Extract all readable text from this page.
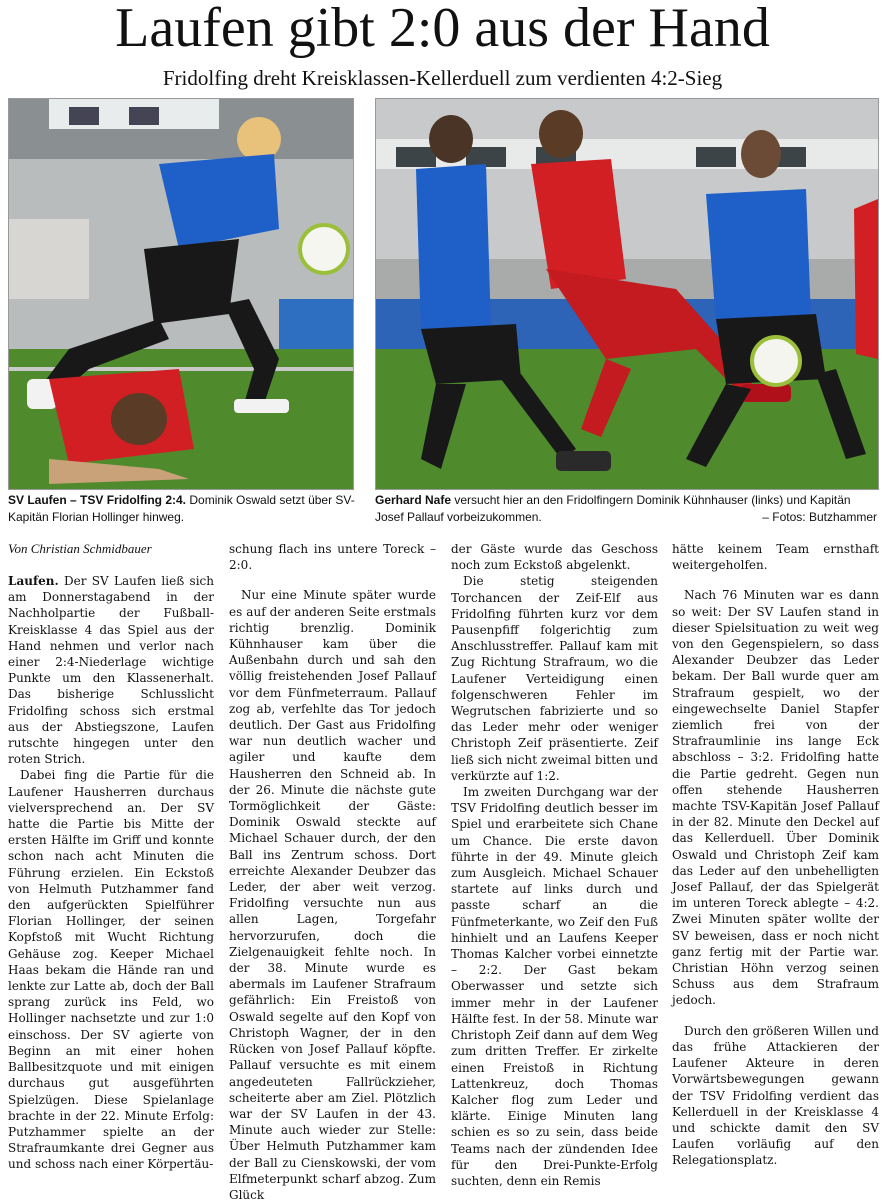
Laufen gibt 2:0 aus der Hand
Fridolfing dreht Kreisklassen-Kellerduell zum verdienten 4:2-Sieg
SV Laufen – TSV Fridolfing 2:4. Dominik Oswald setzt über SV-Kapitän Florian Hollinger hinweg.
Gerhard Nafe versucht hier an den Fridolfingern Dominik Kühnhauser (links) und Kapitän Josef Pallauf vorbeizukommen.	– Fotos: Butzhammer
Von Christian Schmidbauer

Laufen. Der SV Laufen ließ sich am Donnerstagabend in der Nachholpartie der Fußball-Kreisklasse 4 das Spiel aus der Hand nehmen und verlor nach einer 2:4-Niederlage wichtige Punkte um den Klassenerhalt. Das bisherige Schlusslicht Fridolfing schoss sich erstmal aus der Abstiegszone, Laufen rutschte hingegen unter den roten Strich.

Dabei fing die Partie für die Laufener Hausherren durchaus vielversprechend an. Der SV hatte die Partie bis Mitte der ersten Hälfte im Griff und konnte schon nach acht Minuten die Führung erzielen. Ein Eckstoß von Helmuth Putzhammer fand den aufgerückten Spielführer Florian Hollinger, der seinen Kopfstoß mit Wucht Richtung Gehäuse zog. Keeper Michael Haas bekam die Hände ran und lenkte zur Latte ab, doch der Ball sprang zurück ins Feld, wo Hollinger nachsetzte und zur 1:0 einschoss. Der SV agierte von Beginn an mit einer hohen Ballbesitzquote und mit einigen durchaus gut ausgeführten Spielzügen. Diese Spielanlage brachte in der 22. Minute Erfolg: Putzhammer spielte an der Strafraumkante drei Gegner aus und schoss nach einer Körpertäu-

schung flach ins untere Toreck – 2:0.

Nur eine Minute später wurde es auf der anderen Seite erstmals richtig brenzlig. Dominik Kühnhauser kam über die Außenbahn durch und sah den völlig freistehenden Josef Pallauf vor dem Fünfmeterraum. Pallauf zog ab, verfehlte das Tor jedoch deutlich. Der Gast aus Fridolfing war nun deutlich wacher und agiler und kaufte dem Hausherren den Schneid ab. In der 26. Minute die nächste gute Tormöglichkeit der Gäste: Dominik Oswald steckte auf Michael Schauer durch, der den Ball ins Zentrum schoss. Dort erreichte Alexander Deubzer das Leder, der aber weit verzog. Fridolfing versuchte nun aus allen Lagen, Torgefahr hervorzurufen, doch die Zielgenauigkeit fehlte noch. In der 38. Minute wurde es abermals im Laufener Strafraum gefährlich: Ein Freistoß von Oswald segelte auf den Kopf von Christoph Wagner, der in den Rücken von Josef Pallauf köpfte. Pallauf versuchte es mit einem angedeuteten Fallrückzieher, scheiterte aber am Ziel. Plötzlich war der SV Laufen in der 43. Minute auch wieder zur Stelle: Über Helmuth Putzhammer kam der Ball zu Cienskowski, der vom Elfmeterpunkt scharf abzog. Zum Glück

der Gäste wurde das Geschoss noch zum Eckstoß abgelenkt.

Die stetig steigenden Torchancen der Zeif-Elf aus Fridolfing führten kurz vor dem Pausenpfiff folgerichtig zum Anschlusstreffer. Pallauf kam mit Zug Richtung Strafraum, wo die Laufener Verteidigung einen folgenschweren Fehler im Wegrutschen fabrizierte und so das Leder mehr oder weniger Christoph Zeif präsentierte. Zeif ließ sich nicht zweimal bitten und verkürzte auf 1:2.

Im zweiten Durchgang war der TSV Fridolfing deutlich besser im Spiel und erarbeitete sich Chane um Chance. Die erste davon führte in der 49. Minute gleich zum Ausgleich. Michael Schauer startete auf links durch und passte scharf an die Fünfmeterkante, wo Zeif den Fuß hinhielt und an Laufens Keeper Thomas Kalcher vorbei einnetzte – 2:2. Der Gast bekam Oberwasser und setzte sich immer mehr in der Laufener Hälfte fest. In der 58. Minute war Christoph Zeif dann auf dem Weg zum dritten Treffer. Er zirkelte einen Freistoß in Richtung Lattenkreuz, doch Thomas Kalcher flog zum Leder und klärte. Einige Minuten lang schien es so zu sein, dass beide Teams nach der zündenden Idee für den Drei-Punkte-Erfolg suchten, denn ein Remis

hätte keinem Team ernsthaft weitergeholfen.

Nach 76 Minuten war es dann so weit: Der SV Laufen stand in dieser Spielsituation zu weit weg von den Gegenspielern, so dass Alexander Deubzer das Leder bekam. Der Ball wurde quer am Strafraum gespielt, wo der eingewechselte Daniel Stapfer ziemlich frei von der Strafraumlinie ins lange Eck abschloss – 3:2. Fridolfing hatte die Partie gedreht. Gegen nun offen stehende Hausherren machte TSV-Kapitän Josef Pallauf in der 82. Minute den Deckel auf das Kellerduell. Über Dominik Oswald und Christoph Zeif kam das Leder auf den unbehelligten Josef Pallauf, der das Spielgerät im unteren Toreck ablegte – 4:2. Zwei Minuten später wollte der SV beweisen, dass er noch nicht ganz fertig mit der Partie war. Christian Höhn verzog seinen Schuss aus dem Strafraum jedoch.

Durch den größeren Willen und das frühe Attackieren der Laufener Akteure in deren Vorwärtsbewegungen gewann der TSV Fridolfing verdient das Kellerduell in der Kreisklasse 4 und schickte damit den SV Laufen vorläufig auf den Relegationsplatz.
